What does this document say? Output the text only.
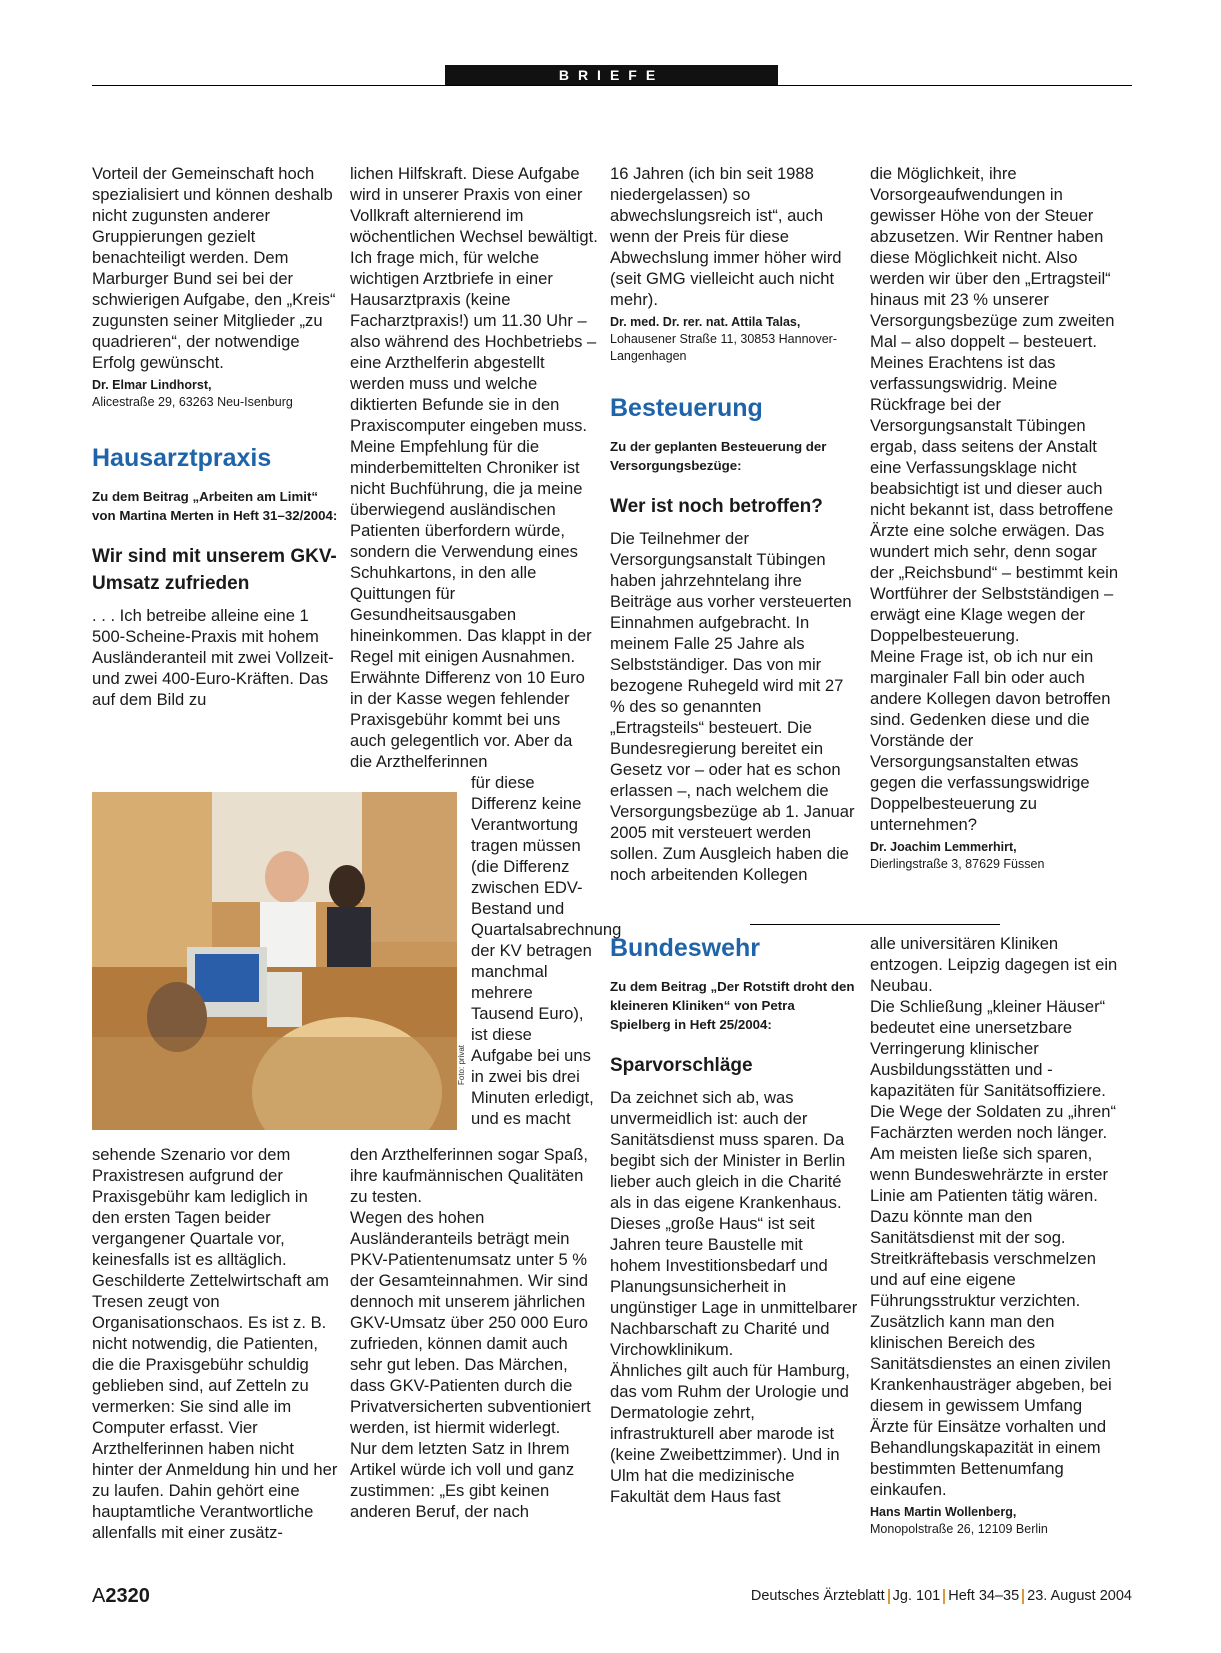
BRIEFE

Vorteil der Gemeinschaft hoch spezialisiert und können deshalb nicht zugunsten anderer Gruppierungen gezielt benachteiligt werden. Dem Marburger Bund sei bei der schwierigen Aufgabe, den „Kreis“ zugunsten seiner Mitglieder „zu quadrieren“, der notwendige Erfolg gewünscht.

Dr. Elmar Lindhorst,

Alicestraße 29, 63263 Neu-Isenburg

Hausarztpraxis

Zu dem Beitrag „Arbeiten am Limit“ von Martina Merten in Heft 31–32/2004:

Wir sind mit unserem GKV-Umsatz zufrieden

. . . Ich betreibe alleine eine 1 500-Scheine-Praxis mit hohem Ausländeranteil mit zwei Vollzeit- und zwei 400-Euro-Kräften. Das auf dem Bild zu

Foto: privat

sehende Szenario vor dem Praxistresen aufgrund der Praxisgebühr kam lediglich in den ersten Tagen beider vergangener Quartale vor, keinesfalls ist es alltäglich.

Geschilderte Zettelwirtschaft am Tresen zeugt von Organisationschaos. Es ist z. B. nicht notwendig, die Patienten, die die Praxisgebühr schuldig geblieben sind, auf Zetteln zu vermerken: Sie sind alle im Computer erfasst. Vier Arzthelferinnen haben nicht hinter der Anmeldung hin und her zu laufen. Dahin gehört eine hauptamtliche Verantwortliche allenfalls mit einer zusätz-

lichen Hilfskraft. Diese Aufgabe wird in unserer Praxis von einer Vollkraft alternierend im wöchentlichen Wechsel bewältigt. Ich frage mich, für welche wichtigen Arztbriefe in einer Hausarztpraxis (keine Facharztpraxis!) um 11.30 Uhr – also während des Hochbetriebs – eine Arzthelferin abgestellt werden muss und welche diktierten Befunde sie in den Praxiscomputer eingeben muss. Meine Empfehlung für die minderbemittelten Chroniker ist nicht Buchführung, die ja meine überwiegend ausländischen Patienten überfordern würde, sondern die Verwendung eines Schuhkartons, in den alle Quittungen für Gesundheitsausgaben hineinkommen. Das klappt in der Regel mit einigen Ausnahmen. Erwähnte Differenz von 10 Euro in der Kasse wegen fehlender Praxisgebühr kommt bei uns auch gelegentlich vor. Aber da die Arzthelferinnen

für diese Differenz keine Verantwortung tragen müssen (die Differenz zwischen EDV-Bestand und Quartalsabrechnung der KV betragen manchmal mehrere Tausend Euro), ist diese Aufgabe bei uns in zwei bis drei Minuten erledigt, und es macht

den Arzthelferinnen sogar Spaß, ihre kaufmännischen Qualitäten zu testen.

Wegen des hohen Ausländeranteils beträgt mein PKV-Patientenumsatz unter 5 % der Gesamteinnahmen. Wir sind dennoch mit unserem jährlichen GKV-Umsatz über 250 000 Euro zufrieden, können damit auch sehr gut leben. Das Märchen, dass GKV-Patienten durch die Privatversicherten subventioniert werden, ist hiermit widerlegt.

Nur dem letzten Satz in Ihrem Artikel würde ich voll und ganz zustimmen: „Es gibt keinen anderen Beruf, der nach

16 Jahren (ich bin seit 1988 niedergelassen) so abwechslungsreich ist“, auch wenn der Preis für diese Abwechslung immer höher wird (seit GMG vielleicht auch nicht mehr).

Dr. med. Dr. rer. nat. Attila Talas,

Lohausener Straße 11, 30853 Hannover-Langenhagen

Besteuerung

Zu der geplanten Besteuerung der Versorgungsbezüge:

Wer ist noch betroffen?

Die Teilnehmer der Versorgungsanstalt Tübingen haben jahrzehntelang ihre Beiträge aus vorher versteuerten Einnahmen aufgebracht. In meinem Falle 25 Jahre als Selbstständiger. Das von mir bezogene Ruhegeld wird mit 27 % des so genannten „Ertragsteils“ besteuert. Die Bundesregierung bereitet ein Gesetz vor – oder hat es schon erlassen –, nach welchem die Versorgungsbezüge ab 1. Januar 2005 mit versteuert werden sollen. Zum Ausgleich haben die noch arbeitenden Kollegen

Bundeswehr

Zu dem Beitrag „Der Rotstift droht den kleineren Kliniken“ von Petra Spielberg in Heft 25/2004:

Sparvorschläge

Da zeichnet sich ab, was unvermeidlich ist: auch der Sanitätsdienst muss sparen. Da begibt sich der Minister in Berlin lieber auch gleich in die Charité als in das eigene Krankenhaus.

Dieses „große Haus“ ist seit Jahren teure Baustelle mit hohem Investitionsbedarf und Planungsunsicherheit in ungünstiger Lage in unmittelbarer Nachbarschaft zu Charité und Virchowklinikum.

Ähnliches gilt auch für Hamburg, das vom Ruhm der Urologie und Dermatologie zehrt, infrastrukturell aber marode ist (keine Zweibettzimmer). Und in Ulm hat die medizinische Fakultät dem Haus fast

die Möglichkeit, ihre Vorsorgeaufwendungen in gewisser Höhe von der Steuer abzusetzen. Wir Rentner haben diese Möglichkeit nicht. Also werden wir über den „Ertragsteil“ hinaus mit 23 % unserer Versorgungsbezüge zum zweiten Mal – also doppelt – besteuert. Meines Erachtens ist das verfassungswidrig. Meine Rückfrage bei der Versorgungsanstalt Tübingen ergab, dass seitens der Anstalt eine Verfassungsklage nicht beabsichtigt ist und dieser auch nicht bekannt ist, dass betroffene Ärzte eine solche erwägen. Das wundert mich sehr, denn sogar der „Reichsbund“ – bestimmt kein Wortführer der Selbstständigen – erwägt eine Klage wegen der Doppelbesteuerung.

Meine Frage ist, ob ich nur ein marginaler Fall bin oder auch andere Kollegen davon betroffen sind. Gedenken diese und die Vorstände der Versorgungsanstalten etwas gegen die verfassungswidrige Doppelbesteuerung zu unternehmen?

Dr. Joachim Lemmerhirt,

Dierlingstraße 3, 87629 Füssen

alle universitären Kliniken entzogen. Leipzig dagegen ist ein Neubau.

Die Schließung „kleiner Häuser“ bedeutet eine unersetzbare Verringerung klinischer Ausbildungsstätten und -kapazitäten für Sanitätsoffiziere.

Die Wege der Soldaten zu „ihren“ Fachärzten werden noch länger. Am meisten ließe sich sparen, wenn Bundeswehrärzte in erster Linie am Patienten tätig wären. Dazu könnte man den Sanitätsdienst mit der sog. Streitkräftebasis verschmelzen und auf eine eigene Führungsstruktur verzichten. Zusätzlich kann man den klinischen Bereich des Sanitätsdienstes an einen zivilen Krankenhausträger abgeben, bei diesem in gewissem Umfang Ärzte für Einsätze vorhalten und Behandlungskapazität in einem bestimmten Bettenumfang einkaufen.

Hans Martin Wollenberg,

Monopolstraße 26, 12109 Berlin

A2320	Deutsches Ärzteblatt Jg. 101 Heft 34–35 23. August 2004
